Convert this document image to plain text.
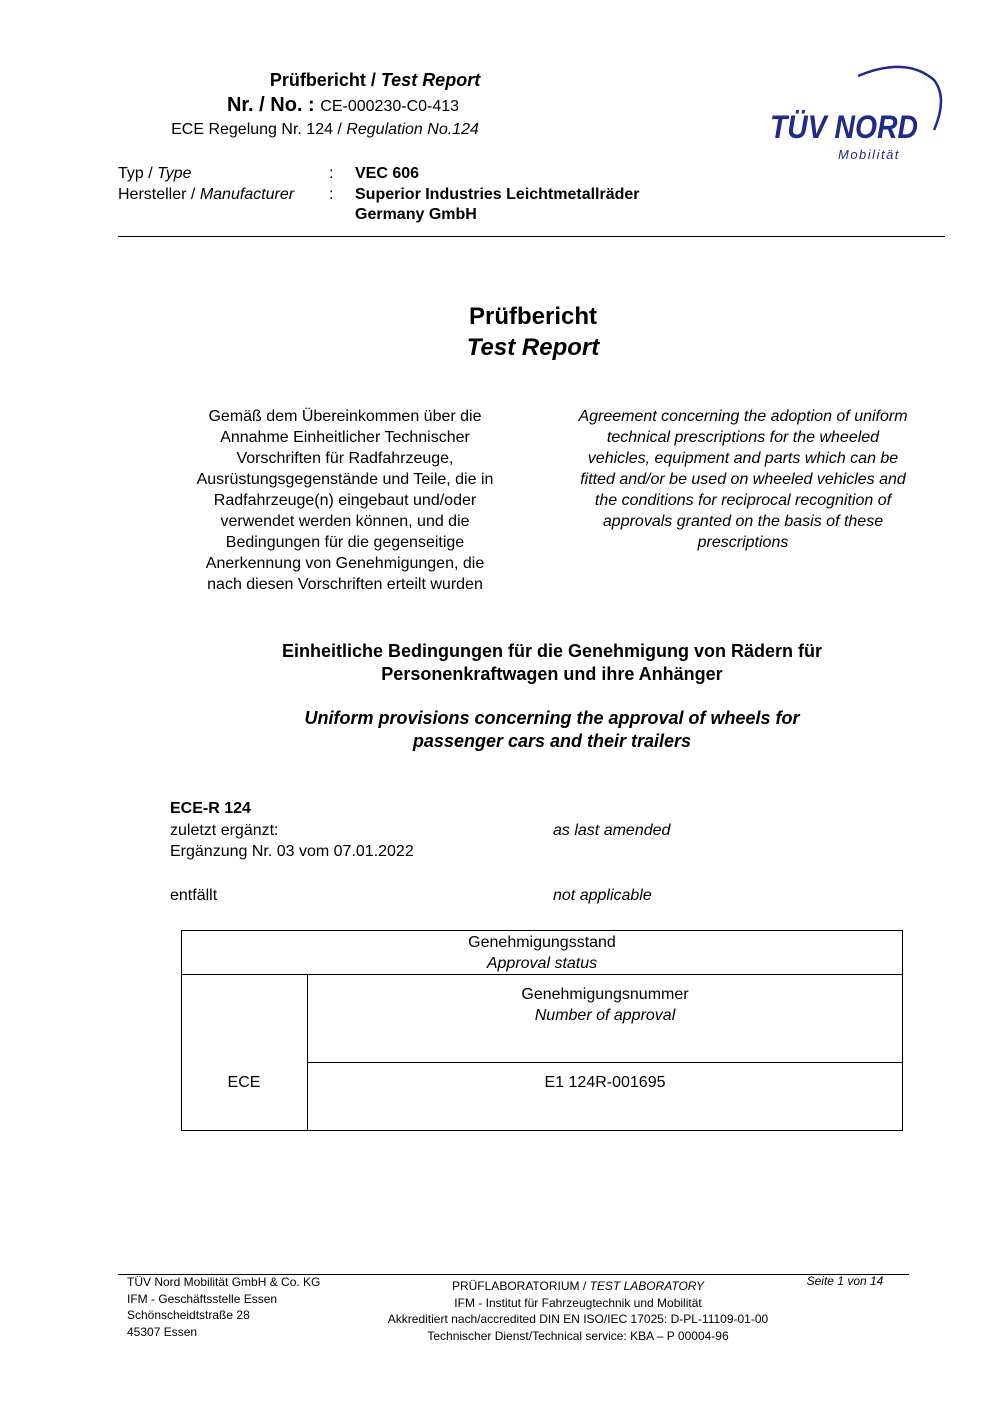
Prüfbericht / Test Report
Nr. / No. : CE-000230-C0-413
ECE Regelung Nr. 124 / Regulation No.124	TÜV NORD
Mobilität
Typ / Type	: VEC 606
Hersteller / Manufacturer : Superior Industries Leichtmetallräder
Germany GmbH
Prüfbericht
Test Report
Gemäß dem Übereinkommen über die
Annahme Einheitlicher Technischer
Vorschriften für Radfahrzeuge,
Ausrüstungsgegenstände und Teile, die in
Radfahrzeuge(n) eingebaut und/oder
verwendet werden können, und die
Bedingungen für die gegenseitige
Anerkennung von Genehmigungen, die
nach diesen Vorschriften erteilt wurden
Agreement concerning the adoption of uniform
technical prescriptions for the wheeled
vehicles, equipment and parts which can be
fitted and/or be used on wheeled vehicles and
the conditions for reciprocal recognition of
approvals granted on the basis of these
prescriptions
Einheitliche Bedingungen für die Genehmigung von Rädern für
Personenkraftwagen und ihre Anhänger
Uniform provisions concerning the approval of wheels for
passenger cars and their trailers
ECE-R 124
zuletzt ergänzt:	as last amended
Ergänzung Nr. 03 vom 07.01.2022
entfällt	not applicable
Genehmigungsstand
Approval status
Genehmigungsnummer
Number of approval
ECE	E1 124R-001695
TÜV Nord Mobilität GmbH & Co. KG
IFM - Geschäftsstelle Essen
Schönscheidtstraße 28
45307 Essen
PRÜFLABORATORIUM / TEST LABORATORY
IFM - Institut für Fahrzeugtechnik und Mobilität
Akkreditiert nach/accredited DIN EN ISO/IEC 17025: D-PL-11109-01-00
Technischer Dienst/Technical service: KBA – P 00004-96
Seite 1 von 14
